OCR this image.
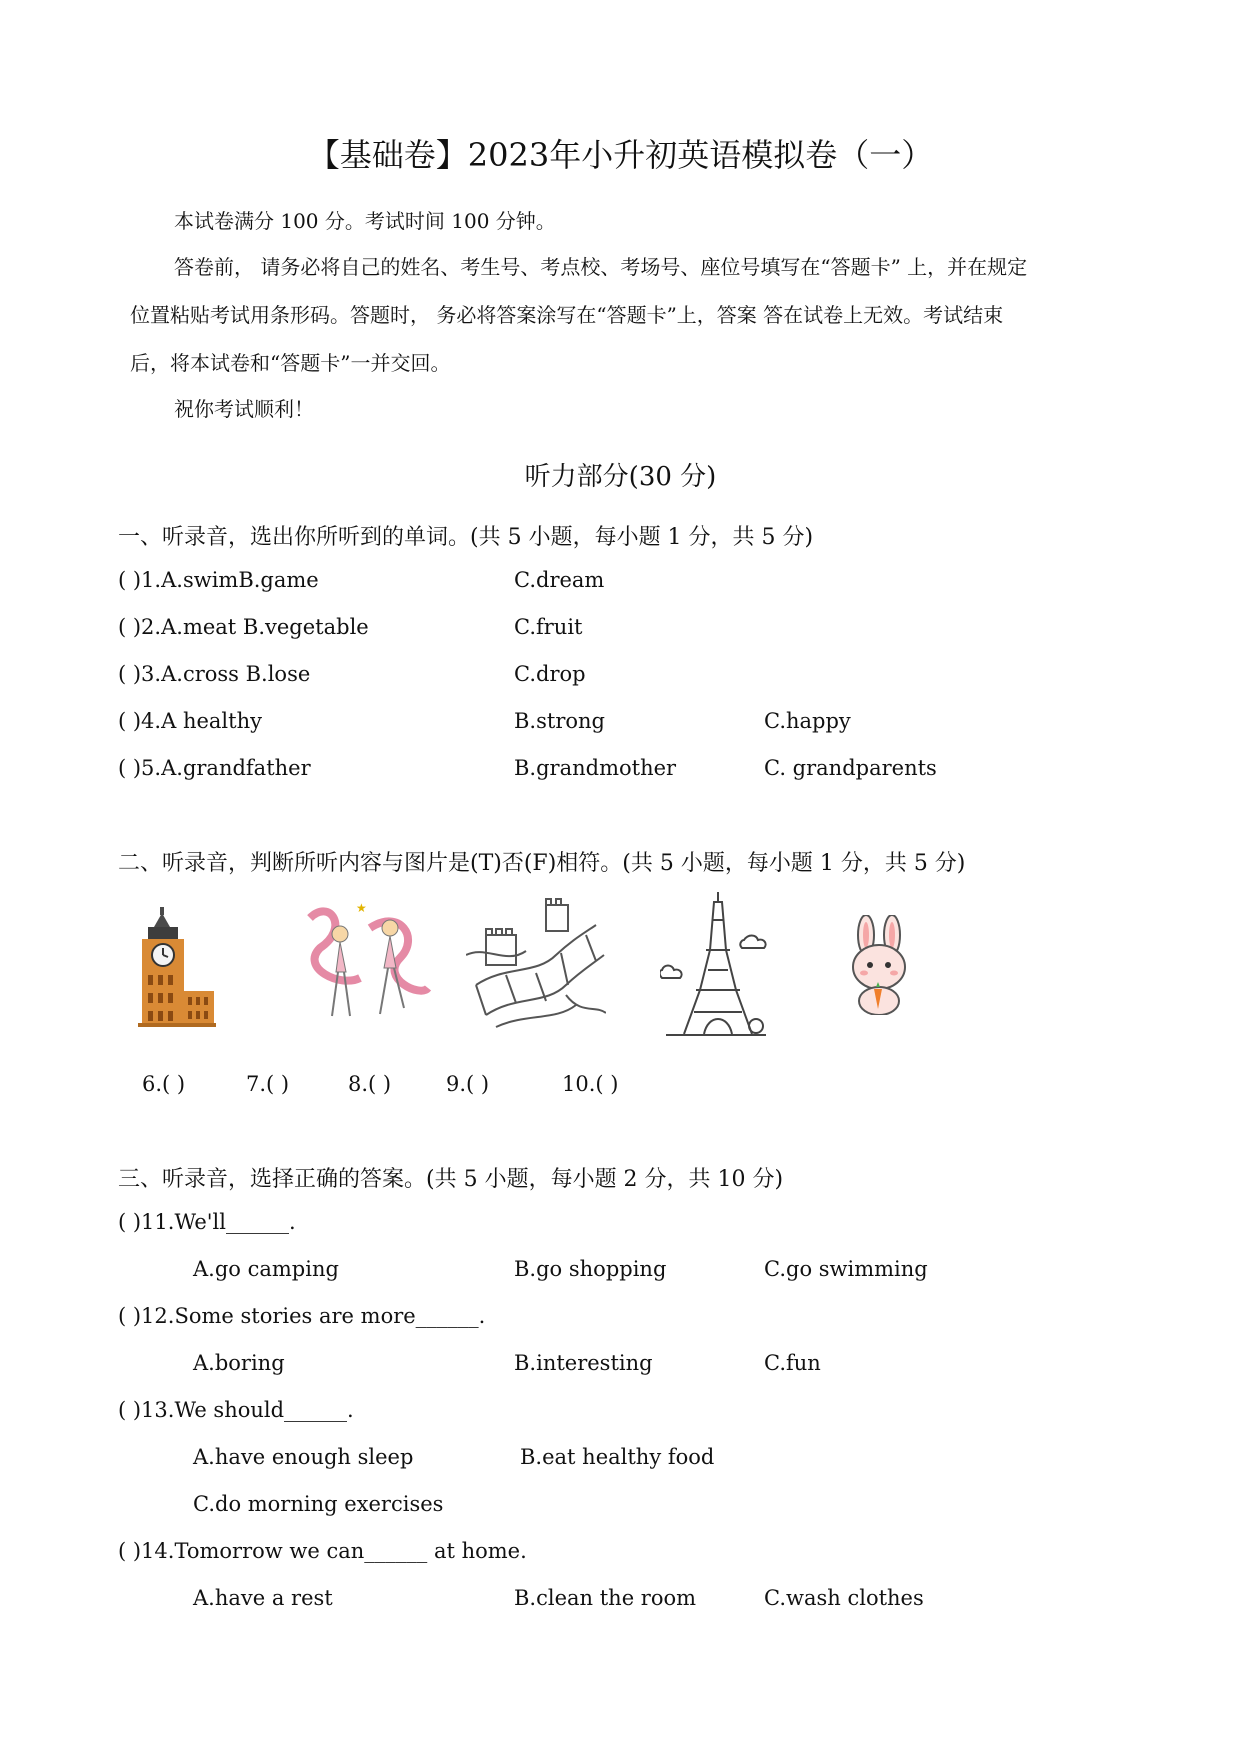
【基础卷】2023年小升初英语模拟卷（一）
本试卷满分 100 分。考试时间 100 分钟。
答卷前， 请务必将自己的姓名、考生号、考点校、考场号、座位号填写在“答题卡” 上，并在规定
位置粘贴考试用条形码。答题时， 务必将答案涂写在“答题卡”上，答案 答在试卷上无效。考试结束
后，将本试卷和“答题卡”一并交回。
祝你考试顺利！
听力部分(30 分)
一、听录音，选出你所听到的单词。(共 5 小题，每小题 1 分，共 5 分)
( )1.A.swimB.game	C.dream
( )2.A.meat B.vegetable	C.fruit
( )3.A.cross B.lose	C.drop
( )4.A healthy	B.strong	C.happy
( )5.A.grandfather	B.grandmother	C. grandparents
二、听录音，判断所听内容与图片是(T)否(F)相符。(共 5 小题，每小题 1 分，共 5 分)
★
6.( )	7.( )	8.( )	9.( )	10.( )
三、听录音，选择正确的答案。(共 5 小题，每小题 2 分，共 10 分)
( )11.We'll______.
A.go camping	B.go shopping	C.go swimming
( )12.Some stories are more______.
A.boring	B.interesting	C.fun
( )13.We should______.
A.have enough sleep	B.eat healthy food
C.do morning exercises
( )14.Tomorrow we can______ at home.
A.have a rest	B.clean the room	C.wash clothes
